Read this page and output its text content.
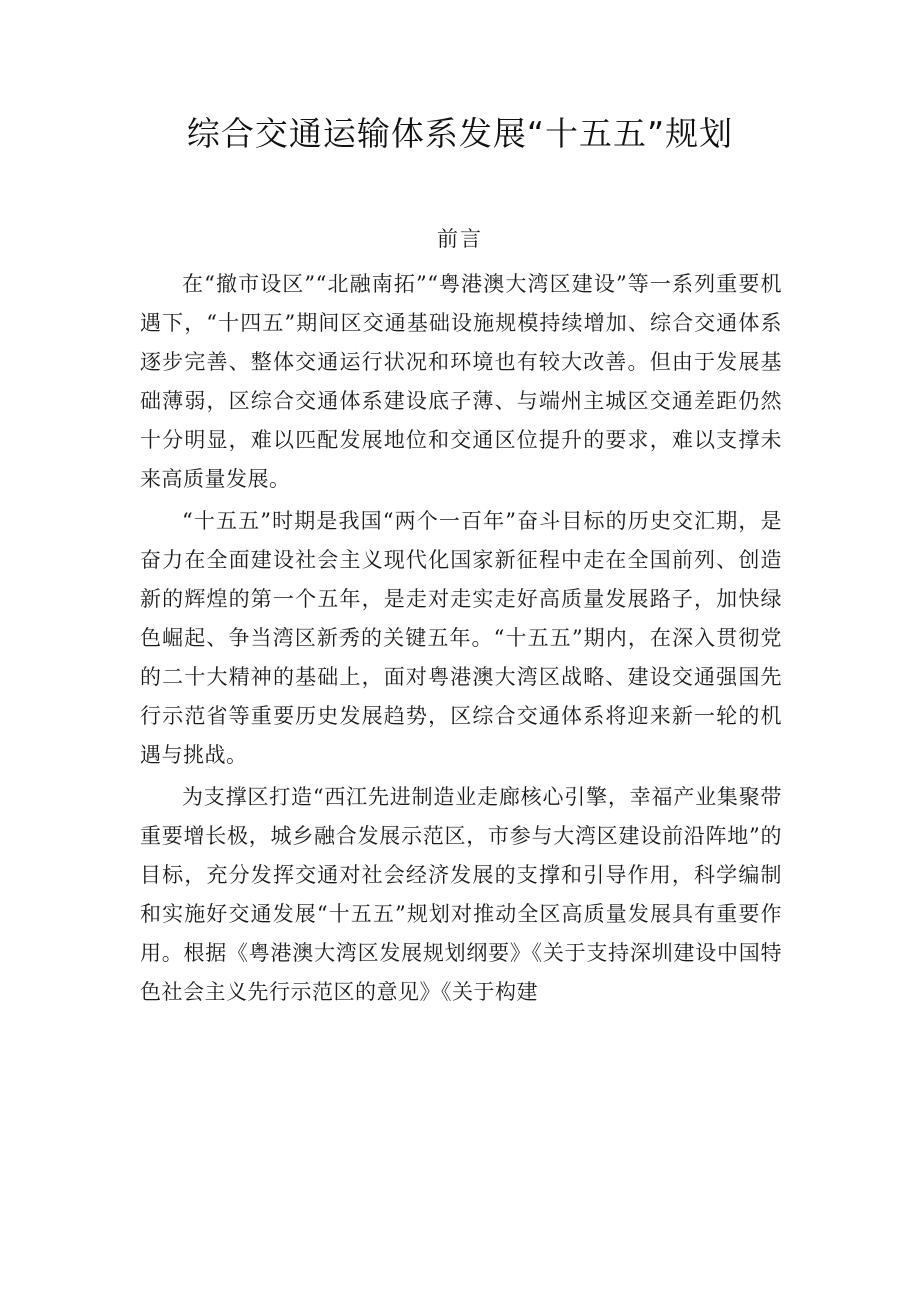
综合交通运输体系发展“十五五”规划
前言

在“撤市设区”“北融南拓”“粤港澳大湾区建设”等一系列重要机遇下，“十四五”期间区交通基础设施规模持续增加、综合交通体系逐步完善、整体交通运行状况和环境也有较大改善。但由于发展基础薄弱，区综合交通体系建设底子薄、与端州主城区交通差距仍然十分明显，难以匹配发展地位和交通区位提升的要求，难以支撑未来高质量发展。

“十五五”时期是我国“两个一百年”奋斗目标的历史交汇期，是奋力在全面建设社会主义现代化国家新征程中走在全国前列、创造新的辉煌的第一个五年，是走对走实走好高质量发展路子，加快绿色崛起、争当湾区新秀的关键五年。“十五五”期内，在深入贯彻党的二十大精神的基础上，面对粤港澳大湾区战略、建设交通强国先行示范省等重要历史发展趋势，区综合交通体系将迎来新一轮的机遇与挑战。

为支撑区打造“西江先进制造业走廊核心引擎，幸福产业集聚带重要增长极，城乡融合发展示范区，市参与大湾区建设前沿阵地”的目标，充分发挥交通对社会经济发展的支撑和引导作用，科学编制和实施好交通发展“十五五”规划对推动全区高质量发展具有重要作用。根据《粤港澳大湾区发展规划纲要》《关于支持深圳建设中国特色社会主义先行示范区的意见》《关于构建
